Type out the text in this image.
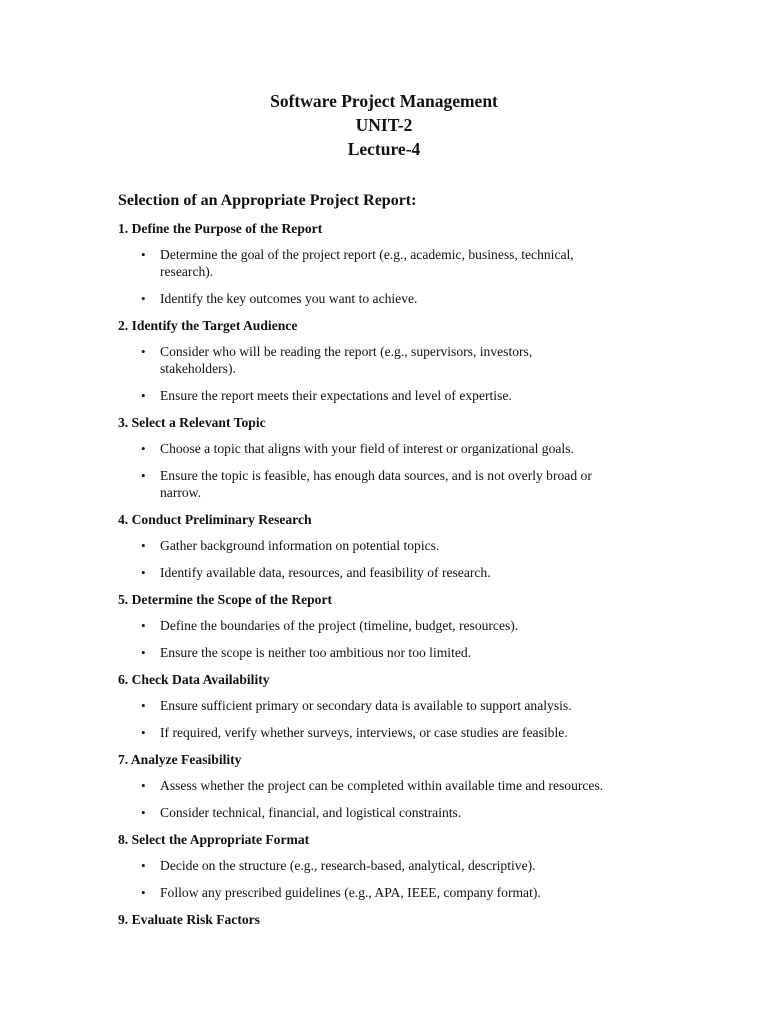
Software Project Management

UNIT-2

Lecture-4

Selection of an Appropriate Project Report:

1. Define the Purpose of the Report

• Determine the goal of the project report (e.g., academic, business, technical, research).
• Identify the key outcomes you want to achieve.

2. Identify the Target Audience

• Consider who will be reading the report (e.g., supervisors, investors, stakeholders).
• Ensure the report meets their expectations and level of expertise.

3. Select a Relevant Topic

• Choose a topic that aligns with your field of interest or organizational goals.
• Ensure the topic is feasible, has enough data sources, and is not overly broad or narrow.

4. Conduct Preliminary Research

• Gather background information on potential topics.
• Identify available data, resources, and feasibility of research.

5. Determine the Scope of the Report

• Define the boundaries of the project (timeline, budget, resources).
• Ensure the scope is neither too ambitious nor too limited.

6. Check Data Availability

• Ensure sufficient primary or secondary data is available to support analysis.
• If required, verify whether surveys, interviews, or case studies are feasible.

7. Analyze Feasibility

• Assess whether the project can be completed within available time and resources.
• Consider technical, financial, and logistical constraints.

8. Select the Appropriate Format

• Decide on the structure (e.g., research-based, analytical, descriptive).
• Follow any prescribed guidelines (e.g., APA, IEEE, company format).

9. Evaluate Risk Factors
